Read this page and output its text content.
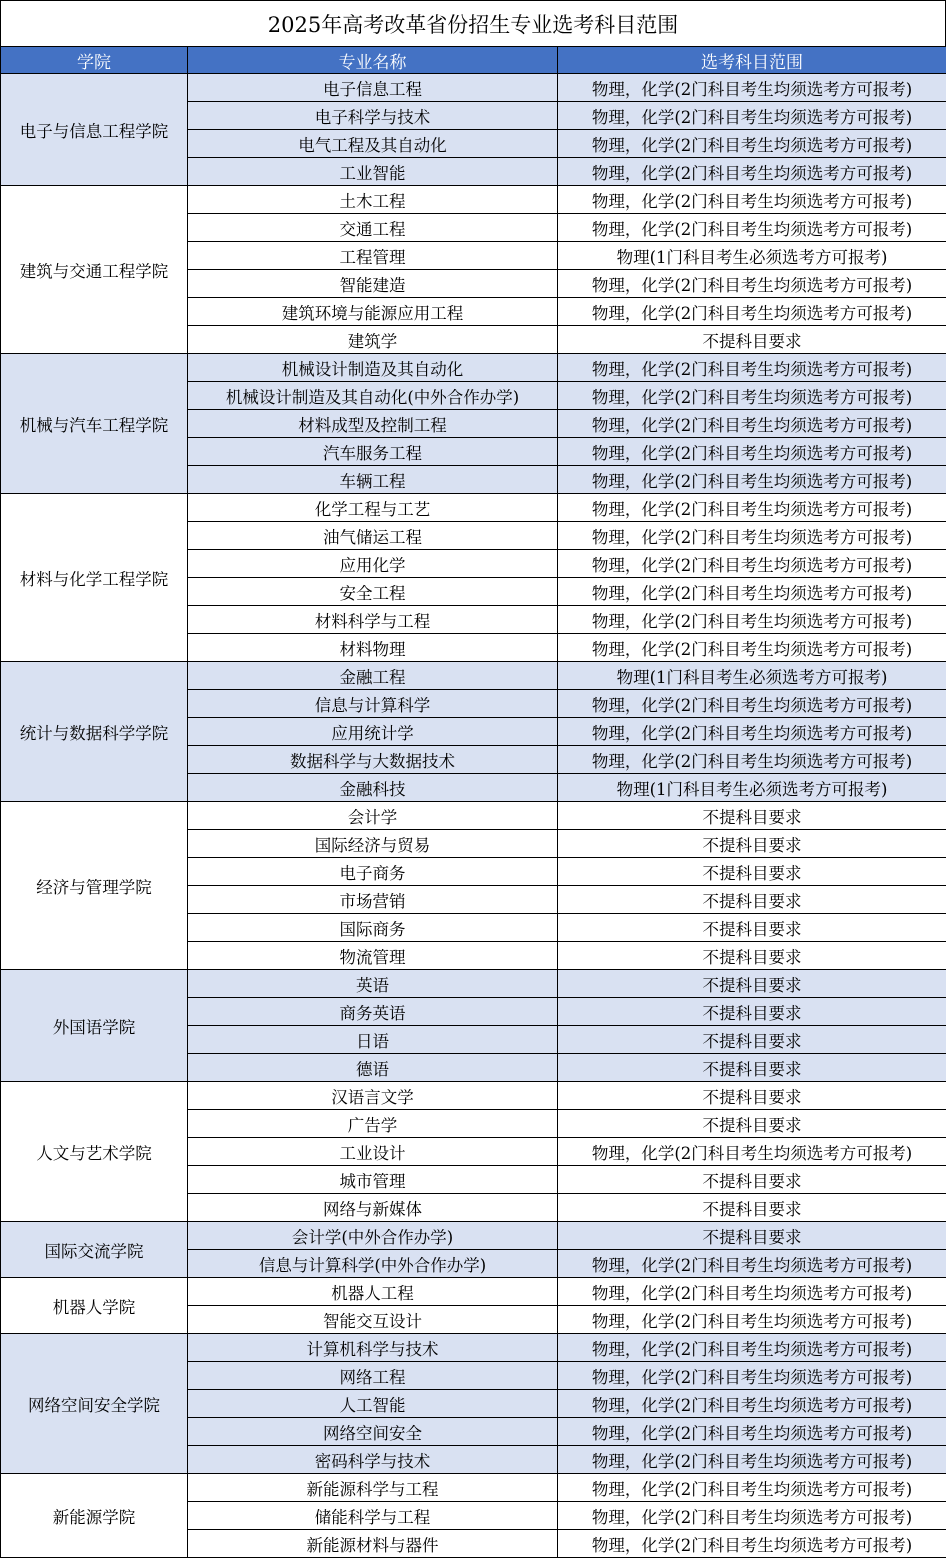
2025年高考改革省份招生专业选考科目范围
学院	专业名称	选考科目范围
电子与信息工程学院	电子信息工程	物理，化学(2门科目考生均须选考方可报考)
	电子科学与技术	物理，化学(2门科目考生均须选考方可报考)
	电气工程及其自动化	物理，化学(2门科目考生均须选考方可报考)
	工业智能	物理，化学(2门科目考生均须选考方可报考)
建筑与交通工程学院	土木工程	物理，化学(2门科目考生均须选考方可报考)
	交通工程	物理，化学(2门科目考生均须选考方可报考)
	工程管理	物理(1门科目考生必须选考方可报考)
	智能建造	物理，化学(2门科目考生均须选考方可报考)
	建筑环境与能源应用工程	物理，化学(2门科目考生均须选考方可报考)
	建筑学	不提科目要求
机械与汽车工程学院	机械设计制造及其自动化	物理，化学(2门科目考生均须选考方可报考)
	机械设计制造及其自动化(中外合作办学)	物理，化学(2门科目考生均须选考方可报考)
	材料成型及控制工程	物理，化学(2门科目考生均须选考方可报考)
	汽车服务工程	物理，化学(2门科目考生均须选考方可报考)
	车辆工程	物理，化学(2门科目考生均须选考方可报考)
材料与化学工程学院	化学工程与工艺	物理，化学(2门科目考生均须选考方可报考)
	油气储运工程	物理，化学(2门科目考生均须选考方可报考)
	应用化学	物理，化学(2门科目考生均须选考方可报考)
	安全工程	物理，化学(2门科目考生均须选考方可报考)
	材料科学与工程	物理，化学(2门科目考生均须选考方可报考)
	材料物理	物理，化学(2门科目考生均须选考方可报考)
统计与数据科学学院	金融工程	物理(1门科目考生必须选考方可报考)
	信息与计算科学	物理，化学(2门科目考生均须选考方可报考)
	应用统计学	物理，化学(2门科目考生均须选考方可报考)
	数据科学与大数据技术	物理，化学(2门科目考生均须选考方可报考)
	金融科技	物理(1门科目考生必须选考方可报考)
经济与管理学院	会计学	不提科目要求
	国际经济与贸易	不提科目要求
	电子商务	不提科目要求
	市场营销	不提科目要求
	国际商务	不提科目要求
	物流管理	不提科目要求
外国语学院	英语	不提科目要求
	商务英语	不提科目要求
	日语	不提科目要求
	德语	不提科目要求
人文与艺术学院	汉语言文学	不提科目要求
	广告学	不提科目要求
	工业设计	物理，化学(2门科目考生均须选考方可报考)
	城市管理	不提科目要求
	网络与新媒体	不提科目要求
国际交流学院	会计学(中外合作办学)	不提科目要求
	信息与计算科学(中外合作办学)	物理，化学(2门科目考生均须选考方可报考)
机器人学院	机器人工程	物理，化学(2门科目考生均须选考方可报考)
	智能交互设计	物理，化学(2门科目考生均须选考方可报考)
网络空间安全学院	计算机科学与技术	物理，化学(2门科目考生均须选考方可报考)
	网络工程	物理，化学(2门科目考生均须选考方可报考)
	人工智能	物理，化学(2门科目考生均须选考方可报考)
	网络空间安全	物理，化学(2门科目考生均须选考方可报考)
	密码科学与技术	物理，化学(2门科目考生均须选考方可报考)
新能源学院	新能源科学与工程	物理，化学(2门科目考生均须选考方可报考)
	储能科学与工程	物理，化学(2门科目考生均须选考方可报考)
	新能源材料与器件	物理，化学(2门科目考生均须选考方可报考)
